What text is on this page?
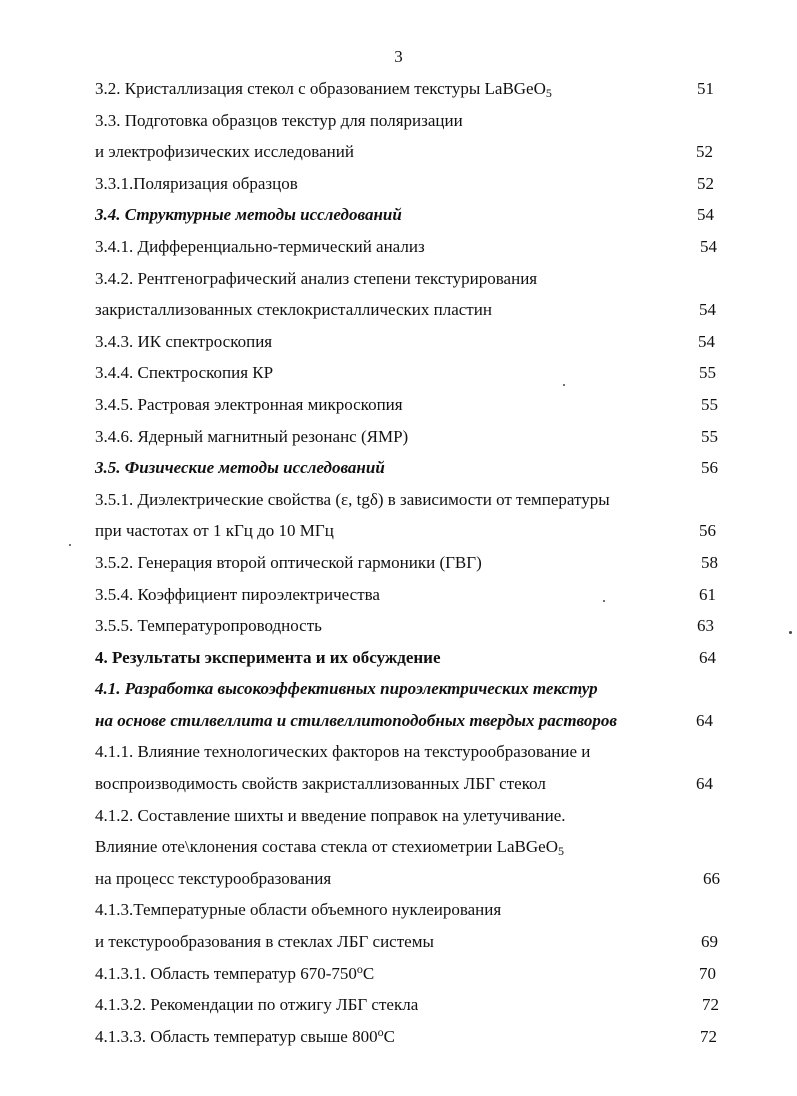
3
3.2. Кристаллизация стекол с образованием текстуры LaBGeO$_5$	51
3.3. Подготовка образцов текстур для поляризации
и электрофизических исследований	52
3.3.1.Поляризация образцов	52
3.4. Структурные методы исследований	54
3.4.1. Дифференциально-термический анализ	54
3.4.2. Рентгенографический анализ степени текстурирования
закристаллизованных стеклокристаллических пластин	54
3.4.3. ИК спектроскопия	54
3.4.4. Спектроскопия КР	55
3.4.5. Растровая электронная микроскопия	55
3.4.6. Ядерный магнитный резонанс (ЯМР)	55
3.5. Физические методы исследований	56
3.5.1. Диэлектрические свойства (ε, tgδ) в зависимости от температуры
при частотах от 1 кГц до 10 МГц	56
3.5.2. Генерация второй оптической гармоники (ГВГ)	58
3.5.4. Коэффициент пироэлектричества	61
3.5.5. Температуропроводность	63
4. Результаты эксперимента и их обсуждение	64
4.1. Разработка высокоэффективных пироэлектрических текстур
на основе стилвеллита и стилвеллитоподобных твердых растворов	64
4.1.1. Влияние технологических факторов на текстурообразование и
воспроизводимость свойств закристаллизованных ЛБГ стекол	64
4.1.2. Составление шихты и введение поправок на улетучивание.
Влияние оте\клонения состава стекла от стехиометрии LaBGeO$_5$
на процесс текстурообразования	66
4.1.3.Температурные области объемного нуклеирования
и текстурообразования в стеклах ЛБГ системы	69
4.1.3.1. Область температур 670-750$^o$С	70
4.1.3.2. Рекомендации по отжигу ЛБГ стекла	72
4.1.3.3. Область температур свыше 800$^o$С	72
